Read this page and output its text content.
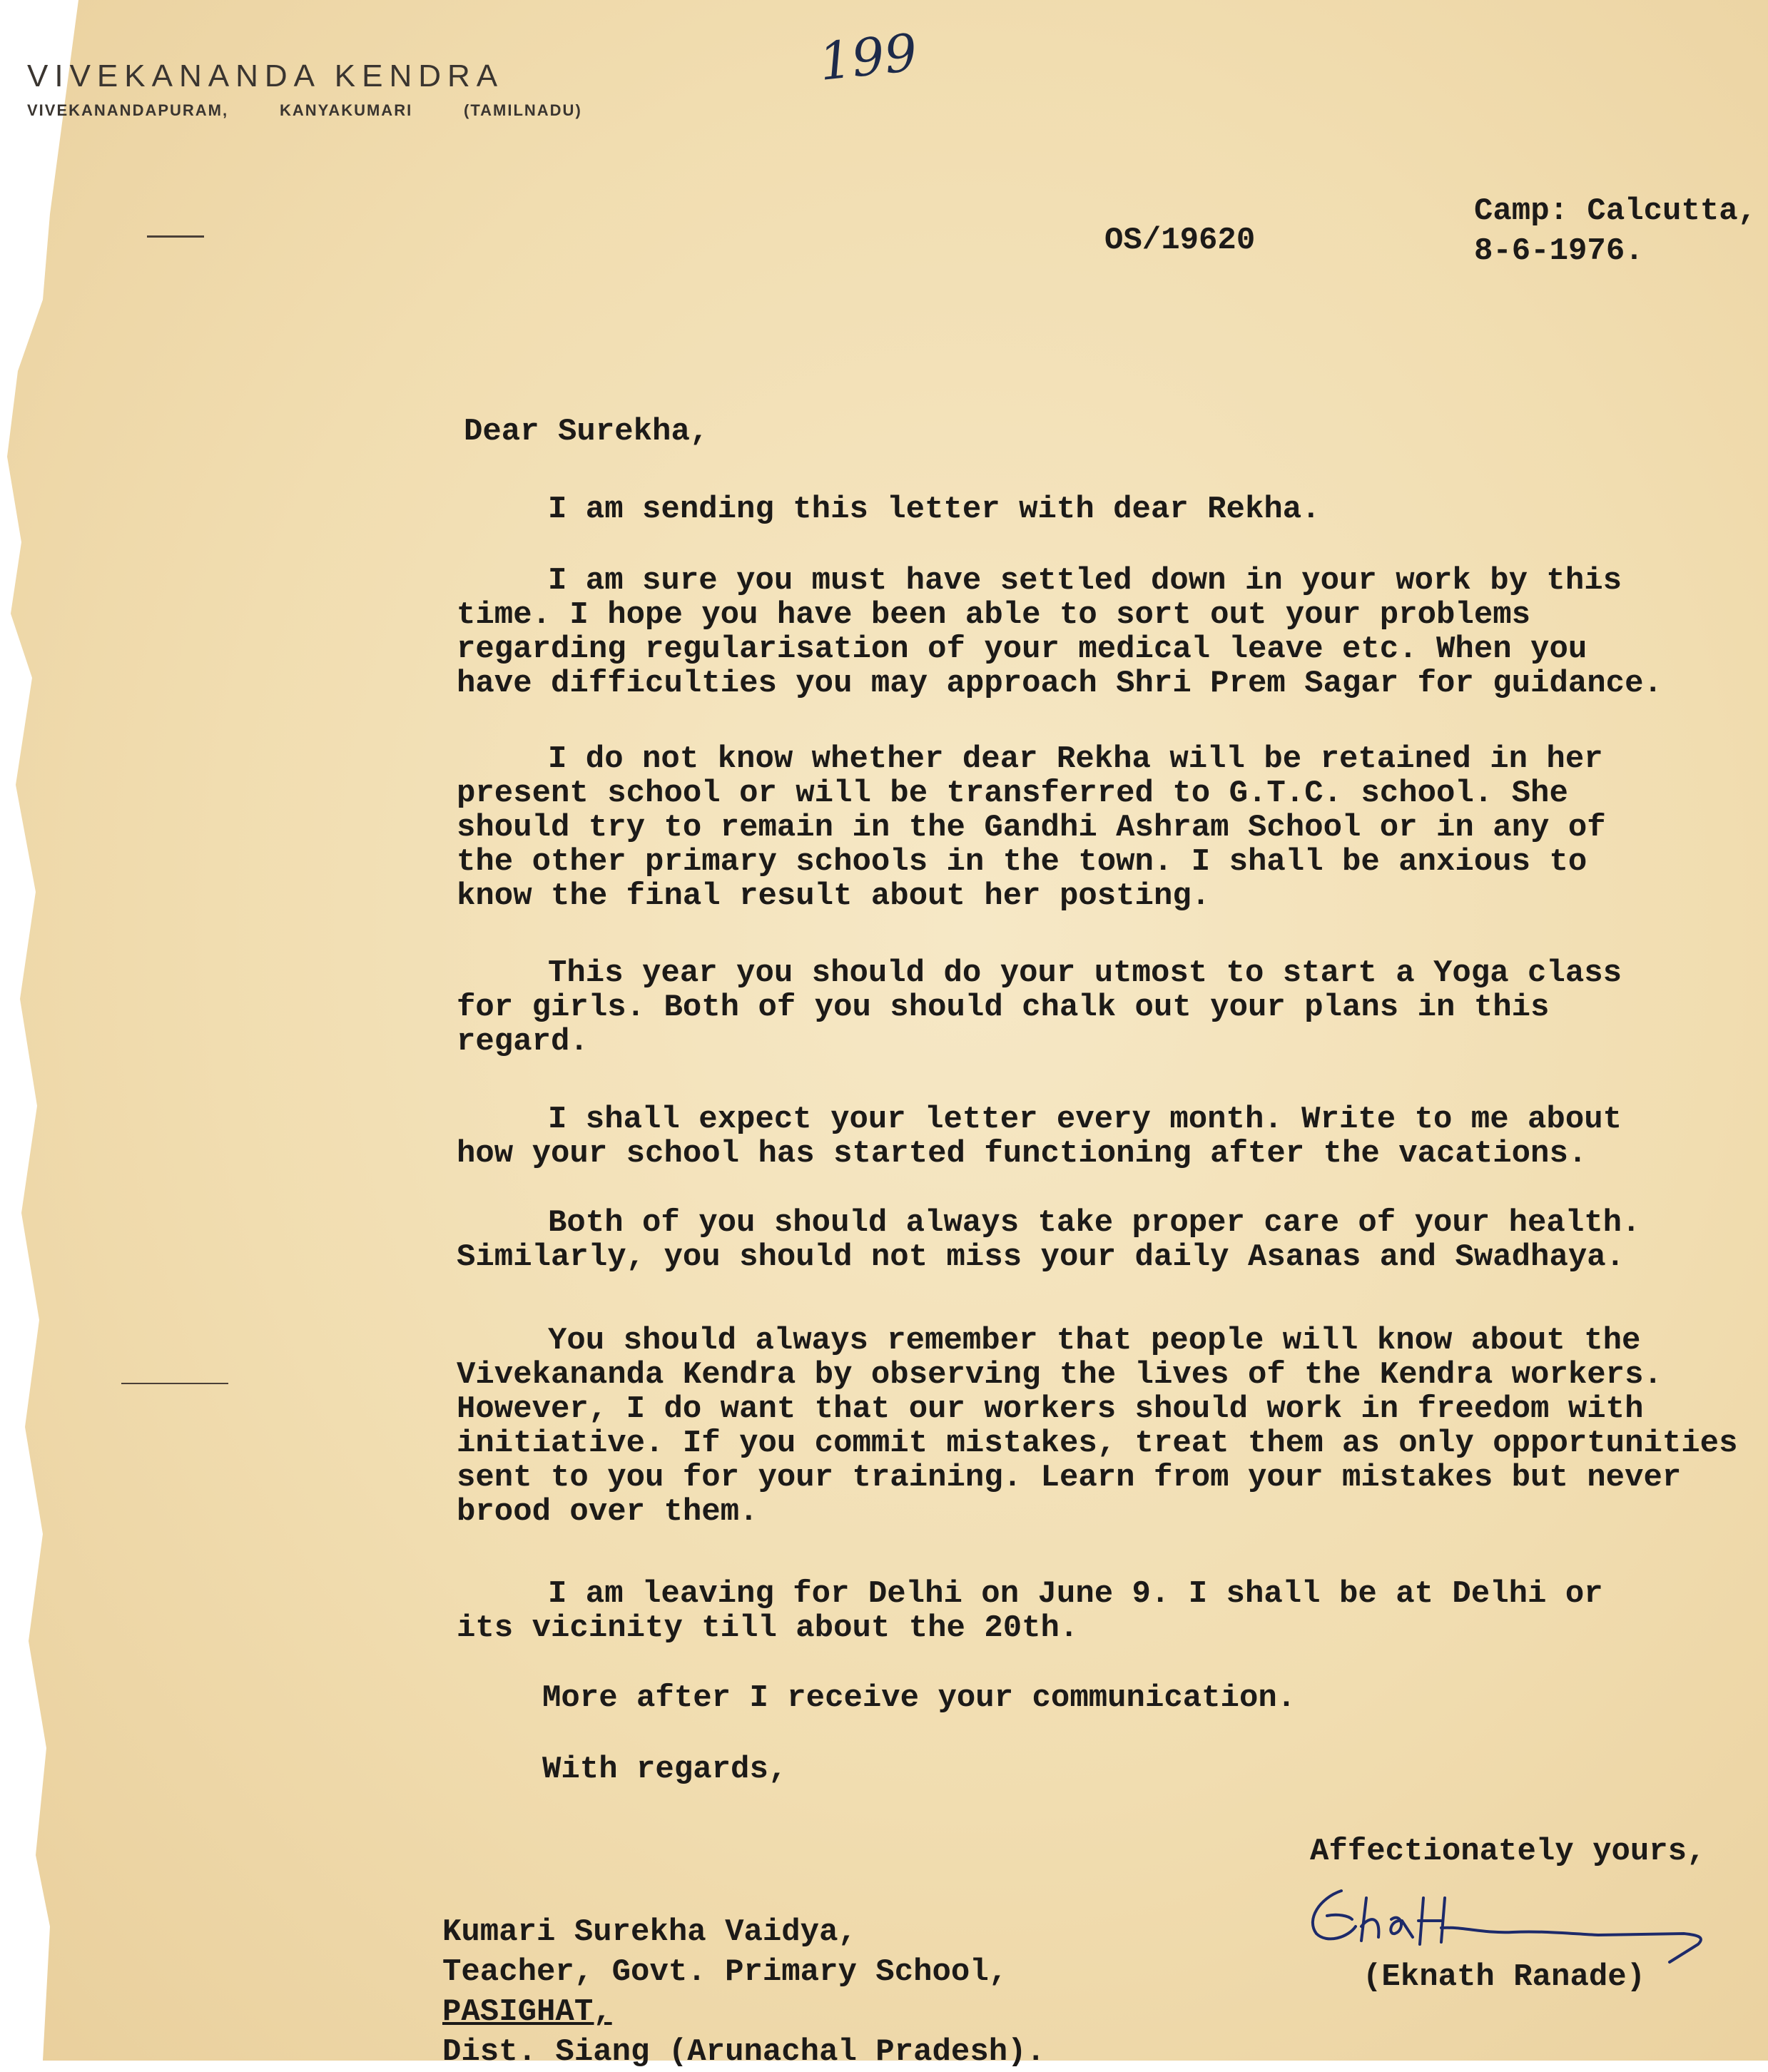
VIVEKANANDA KENDRA
VIVEKANANDAPURAM,	KANYAKUMARI	(TAMILNADU)
199
OS/19620
Camp: Calcutta,
8-6-1976.
Dear Surekha,
I am sending this letter with dear Rekha.
I am sure you must have settled down in your work by this
time. I hope you have been able to sort out your problems
regarding regularisation of your medical leave etc. When you
have difficulties you may approach Shri Prem Sagar for guidance.
I do not know whether dear Rekha will be retained in her
present school or will be transferred to G.T.C. school. She
should try to remain in the Gandhi Ashram School or in any of
the other primary schools in the town. I shall be anxious to
know the final result about her posting.
This year you should do your utmost to start a Yoga class
for girls. Both of you should chalk out your plans in this
regard.
I shall expect your letter every month. Write to me about
how your school has started functioning after the vacations.
Both of you should always take proper care of your health.
Similarly, you should not miss your daily Asanas and Swadhaya.
You should always remember that people will know about the
Vivekananda Kendra by observing the lives of the Kendra workers.
However, I do want that our workers should work in freedom with
initiative. If you commit mistakes, treat them as only opportunities
sent to you for your training. Learn from your mistakes but never
brood over them.
I am leaving for Delhi on June 9. I shall be at Delhi or
its vicinity till about the 20th.
More after I receive your communication.
With regards,
Affectionately yours,
(Eknath Ranade)
Kumari Surekha Vaidya,
Teacher, Govt. Primary School,
PASIGHAT,
Dist. Siang (Arunachal Pradesh).
